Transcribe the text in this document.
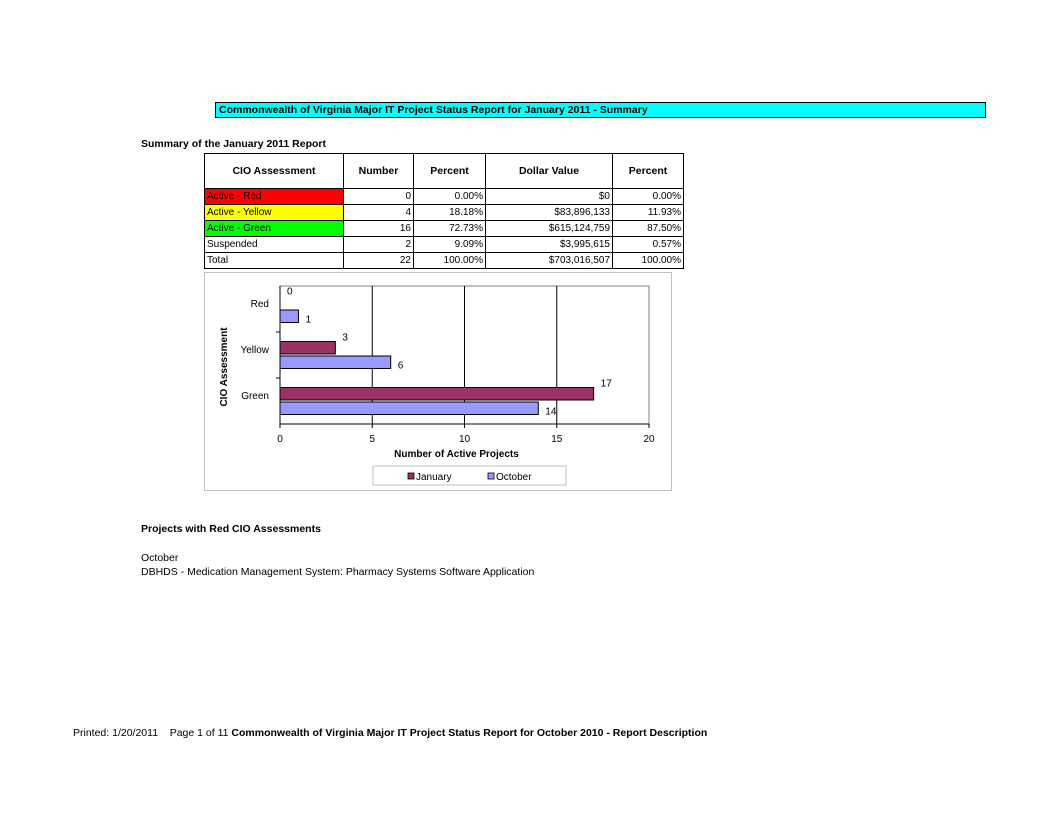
Commonwealth of Virginia Major IT Project Status Report for January 2011 - Summary
Summary of the January 2011 Report
CIO Assessment	Number	Percent	Dollar Value	Percent
Active - Red	0	0.00%	$0	0.00%
Active - Yellow	4	18.18%	$83,896,133	11.93%
Active - Green	16	72.73%	$615,124,759	87.50%
Suspended	2	9.09%	$3,995,615	0.57%
Total	22	100.00%	$703,016,507	100.00%
0	5	10	15	20
Red
0
1
Yellow
3
6
Green
17
14
Number of Active Projects
CIO Assessment
January	October
Projects with Red CIO Assessments
October
DBHDS - Medication Management System: Pharmacy Systems Software Application
Printed: 1/20/2011 Page 1 of 11 Commonwealth of Virginia Major IT Project Status Report for October 2010 - Report Description
